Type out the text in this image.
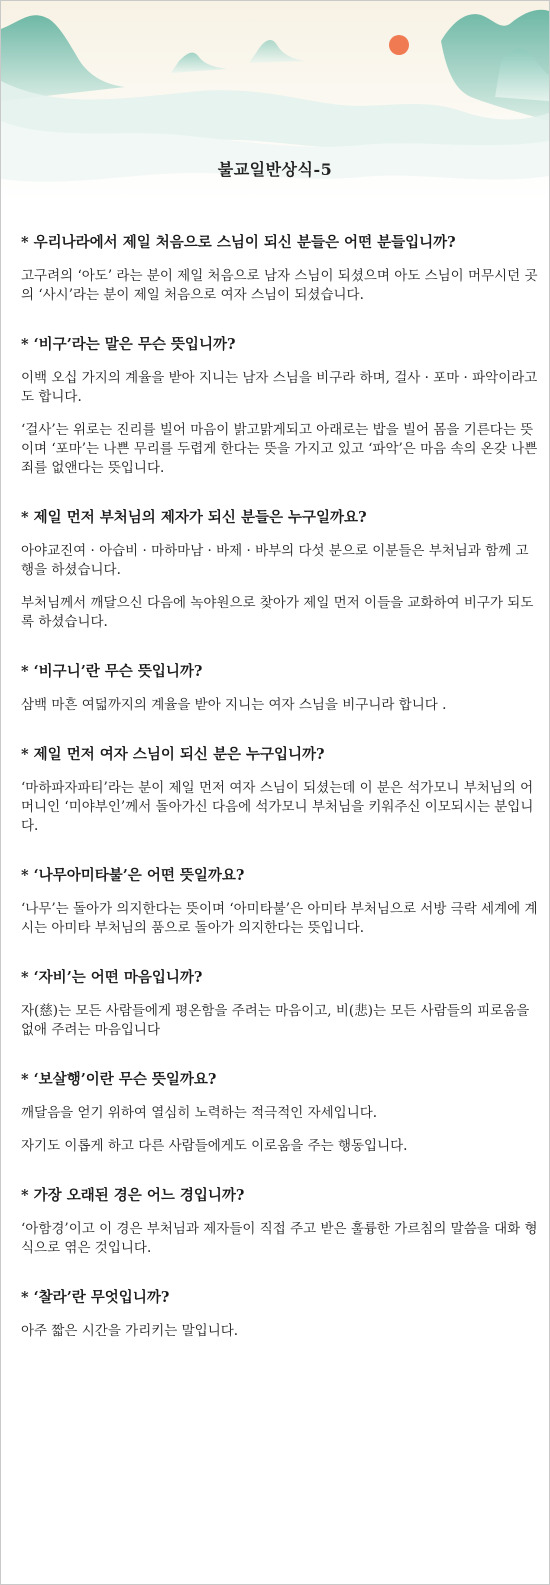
불교일반상식-5
* 우리나라에서 제일 처음으로 스님이 되신 분들은 어떤 분들입니까?
고구려의 ‘아도’ 라는 분이 제일 처음으로 남자 스님이 되셨으며 아도 스님이 머무시던 곳의 ‘사시’라는 분이 제일 처음으로 여자 스님이 되셨습니다.
* ‘비구’라는 말은 무슨 뜻입니까?
이백 오십 가지의 계율을 받아 지니는 남자 스님을 비구라 하며, 걸사 · 포마 · 파악이라고도 합니다.
‘걸사’는 위로는 진리를 빌어 마음이 밝고맑게되고 아래로는 밥을 빌어 몸을 기른다는 뜻이며 ‘포마’는 나쁜 무리를 두렵게 한다는 뜻을 가지고 있고 ‘파악’은 마음 속의 온갖 나쁜 죄를 없앤다는 뜻입니다.
* 제일 먼저 부처님의 제자가 되신 분들은 누구일까요?
아야교진여 · 아습비 · 마하마남 · 바제 · 바부의 다섯 분으로 이분들은 부처님과 함께 고행을 하셨습니다.
부처님께서 깨달으신 다음에 녹야원으로 찾아가 제일 먼저 이들을 교화하여 비구가 되도록 하셨습니다.
* ‘비구니’란 무슨 뜻입니까?
삼백 마흔 여덟까지의 계율을 받아 지니는 여자 스님을 비구니라 합니다 .
* 제일 먼저 여자 스님이 되신 분은 누구입니까?
‘마하파자파티’라는 분이 제일 먼저 여자 스님이 되셨는데 이 분은 석가모니 부처님의 어머니인 ‘미야부인’께서 돌아가신 다음에 석가모니 부처님을 키워주신 이모되시는 분입니다.
* ‘나무아미타불’은 어떤 뜻일까요?
‘나무’는 돌아가 의지한다는 뜻이며 ‘아미타불’은 아미타 부처님으로 서방 극락 세계에 계시는 아미타 부처님의 품으로 돌아가 의지한다는 뜻입니다.
* ‘자비’는 어떤 마음입니까?
자(慈)는 모든 사람들에게 평온함을 주려는 마음이고, 비(悲)는 모든 사람들의 피로움을 없애 주려는 마음입니다
* ‘보살행’이란 무슨 뜻일까요?
깨달음을 얻기 위하여 열심히 노력하는 적극적인 자세입니다.
자기도 이롭게 하고 다른 사람들에게도 이로움을 주는 행동입니다.
* 가장 오래된 경은 어느 경입니까?
‘아함경’이고 이 경은 부처님과 제자들이 직접 주고 받은 훌륭한 가르침의 말씀을 대화 형식으로 엮은 것입니다.
* ‘찰라’란 무엇입니까?
아주 짧은 시간을 가리키는 말입니다.
